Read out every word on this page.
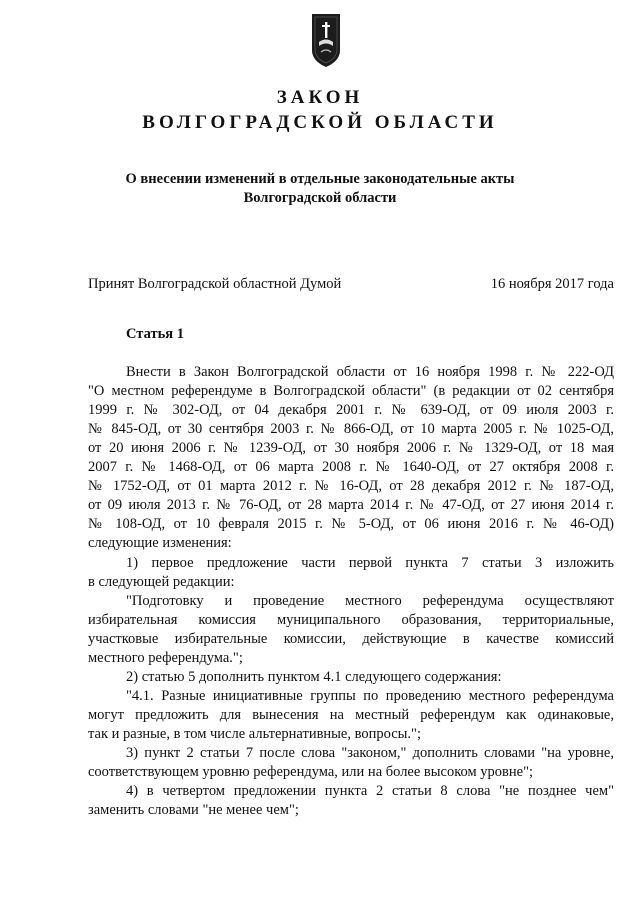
ЗАКОН
ВОЛГОГРАДСКОЙ ОБЛАСТИ
О внесении изменений в отдельные законодательные акты
Волгоградской области
Принят Волгоградской областной Думой	16 ноября 2017 года
Статья 1
Внести в Закон Волгоградской области от 16 ноября 1998 г. № 222-ОД
"О местном референдуме в Волгоградской области" (в редакции от 02 сентября
1999 г. № 302-ОД, от 04 декабря 2001 г. № 639-ОД, от 09 июля 2003 г.
№ 845-ОД, от 30 сентября 2003 г. № 866-ОД, от 10 марта 2005 г. № 1025-ОД,
от 20 июня 2006 г. № 1239-ОД, от 30 ноября 2006 г. № 1329-ОД, от 18 мая
2007 г. № 1468-ОД, от 06 марта 2008 г. № 1640-ОД, от 27 октября 2008 г.
№ 1752-ОД, от 01 марта 2012 г. № 16-ОД, от 28 декабря 2012 г. № 187-ОД,
от 09 июля 2013 г. № 76-ОД, от 28 марта 2014 г. № 47-ОД, от 27 июня 2014 г.
№ 108-ОД, от 10 февраля 2015 г. № 5-ОД, от 06 июня 2016 г. № 46-ОД)
следующие изменения:
1) первое предложение части первой пункта 7 статьи 3 изложить
в следующей редакции:
"Подготовку и проведение местного референдума осуществляют
избирательная комиссия муниципального образования, территориальные,
участковые избирательные комиссии, действующие в качестве комиссий
местного референдума.";
2) статью 5 дополнить пунктом 4.1 следующего содержания:
"4.1. Разные инициативные группы по проведению местного референдума
могут предложить для вынесения на местный референдум как одинаковые,
так и разные, в том числе альтернативные, вопросы.";
3) пункт 2 статьи 7 после слова "законом," дополнить словами "на уровне,
соответствующем уровню референдума, или на более высоком уровне";
4) в четвертом предложении пункта 2 статьи 8 слова "не позднее чем"
заменить словами "не менее чем";
